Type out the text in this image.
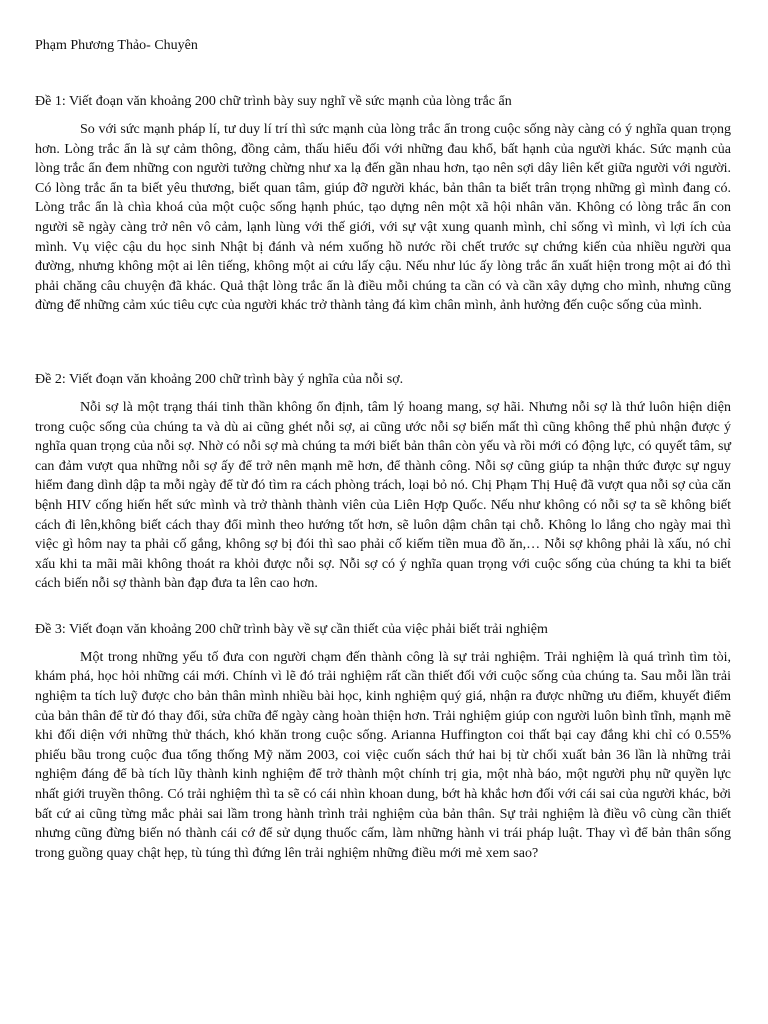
Phạm Phương Thảo- Chuyên

Đề 1: Viết đoạn văn khoảng 200 chữ trình bày suy nghĩ về sức mạnh của lòng trắc ẩn

So với sức mạnh pháp lí, tư duy lí trí thì sức mạnh của lòng trắc ẩn trong cuộc sống này càng có ý nghĩa quan trọng hơn. Lòng trắc ẩn là sự cảm thông, đồng cảm, thấu hiểu đối với những đau khổ, bất hạnh của người khác. Sức mạnh của lòng trắc ẩn đem những con người tưởng chừng như xa lạ đến gần nhau hơn, tạo nên sợi dây liên kết giữa người với người. Có lòng trắc ẩn ta biết yêu thương, biết quan tâm, giúp đỡ người khác, bản thân ta biết trân trọng những gì mình đang có. Lòng trắc ẩn là chìa khoá của một cuộc sống hạnh phúc, tạo dựng nên một xã hội nhân văn. Không có lòng trắc ẩn con người sẽ ngày càng trở nên vô cảm, lạnh lùng với thế giới, với sự vật xung quanh mình, chỉ sống vì mình, vì lợi ích của mình. Vụ việc cậu du học sinh Nhật bị đánh và ném xuống hồ nước rồi chết trước sự chứng kiến của nhiều người qua đường, nhưng không một ai lên tiếng, không một ai cứu lấy cậu. Nếu như lúc ấy lòng trắc ẩn xuất hiện trong một ai đó thì phải chăng câu chuyện đã khác. Quả thật lòng trắc ẩn là điều mỗi chúng ta cần có và cần xây dựng cho mình, nhưng cũng đừng để những cảm xúc tiêu cực của người khác trở thành tảng đá kìm chân mình, ảnh hưởng đến cuộc sống của mình.

Đề 2: Viết đoạn văn khoảng 200 chữ trình bày ý nghĩa của nỗi sợ.

Nỗi sợ là một trạng thái tinh thần không ổn định, tâm lý hoang mang, sợ hãi. Nhưng nỗi sợ là thứ luôn hiện diện trong cuộc sống của chúng ta và dù ai cũng ghét nỗi sợ, ai cũng ước nỗi sợ biến mất thì cũng không thể phủ nhận được ý nghĩa quan trọng của nỗi sợ. Nhờ có nỗi sợ mà chúng ta mới biết bản thân còn yếu và rồi mới có động lực, có quyết tâm, sự can đảm vượt qua những nỗi sợ ấy để trở nên mạnh mẽ hơn, để thành công. Nỗi sợ cũng giúp ta nhận thức được sự nguy hiểm đang dình dập ta mỗi ngày để từ đó tìm ra cách phòng trách, loại bỏ nó. Chị Phạm Thị Huệ đã vượt qua nỗi sợ của căn bệnh HIV cống hiến hết sức mình và trở thành thành viên của Liên Hợp Quốc. Nếu như không có nỗi sợ ta sẽ không biết cách đi lên,không biết cách thay đổi mình theo hướng tốt hơn, sẽ luôn dậm chân tại chỗ. Không lo lắng cho ngày mai thì việc gì hôm nay ta phải cố gắng, không sợ bị đói thì sao phải cố kiếm tiền mua đồ ăn,… Nỗi sợ không phải là xấu, nó chỉ xấu khi ta mãi mãi không thoát ra khỏi được nỗi sợ. Nỗi sợ có ý nghĩa quan trọng với cuộc sống của chúng ta khi ta biết cách biến nỗi sợ thành bàn đạp đưa ta lên cao hơn.

Đề 3: Viết đoạn văn khoảng 200 chữ trình bày về sự cần thiết của việc phải biết trải nghiệm

Một trong những yếu tố đưa con người chạm đến thành công là sự trải nghiệm. Trải nghiệm là quá trình tìm tòi, khám phá, học hỏi những cái mới. Chính vì lẽ đó trải nghiệm rất cần thiết đối với cuộc sống của chúng ta. Sau mỗi lần trải nghiệm ta tích luỹ được cho bản thân mình nhiều bài học, kinh nghiệm quý giá, nhận ra được những ưu điểm, khuyết điểm của bản thân để từ đó thay đổi, sửa chữa để ngày càng hoàn thiện hơn. Trải nghiệm giúp con người luôn bình tĩnh, mạnh mẽ khi đối diện với những thử thách, khó khăn trong cuộc sống. Arianna Huffington coi thất bại cay đắng khi chỉ có 0.55% phiếu bầu trong cuộc đua tổng thống Mỹ năm 2003, coi việc cuốn sách thứ hai bị từ chối xuất bản 36 lần là những trải nghiệm đáng để bà tích lũy thành kinh nghiệm để trở thành một chính trị gia, một nhà báo, một người phụ nữ quyền lực nhất giới truyền thông. Có trải nghiệm thì ta sẽ có cái nhìn khoan dung, bớt hà khắc hơn đối với cái sai của người khác, bởi bất cứ ai cũng từng mắc phải sai lầm trong hành trình trải nghiệm của bản thân. Sự trải nghiệm là điều vô cùng cần thiết nhưng cũng đừng biến nó thành cái cớ để sử dụng thuốc cấm, làm những hành vi trái pháp luật. Thay vì để bản thân sống trong guồng quay chật hẹp, tù túng thì đứng lên trải nghiệm những điều mới mẻ xem sao?
